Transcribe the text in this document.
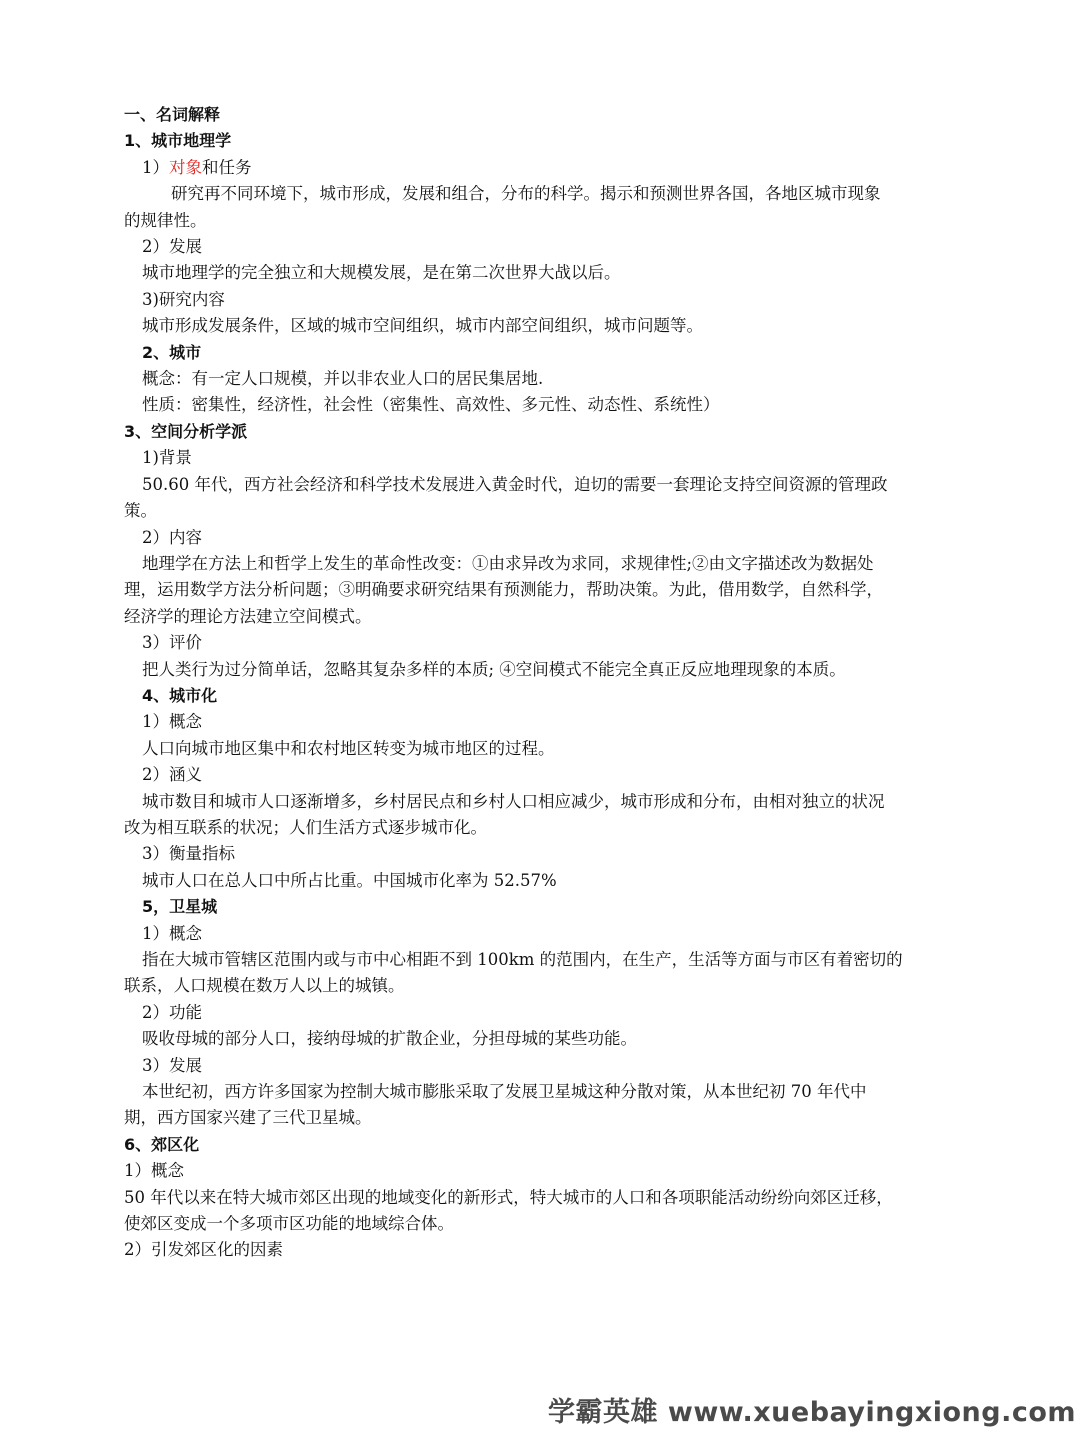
一、名词解释

1、城市地理学

1）对象和任务

研究再不同环境下，城市形成，发展和组合，分布的科学。揭示和预测世界各国，各地区城市现象

的规律性。

2）发展

城市地理学的完全独立和大规模发展，是在第二次世界大战以后。

3)研究内容

城市形成发展条件，区域的城市空间组织，城市内部空间组织，城市问题等。

2、城市

概念：有一定人口规模，并以非农业人口的居民集居地.

性质：密集性，经济性，社会性（密集性、高效性、多元性、动态性、系统性）

3、空间分析学派

1)背景

50.60 年代，西方社会经济和科学技术发展进入黄金时代，迫切的需要一套理论支持空间资源的管理政

策。

2）内容

地理学在方法上和哲学上发生的革命性改变：①由求异改为求同，求规律性;②由文字描述改为数据处

理，运用数学方法分析问题；③明确要求研究结果有预测能力，帮助决策。为此，借用数学，自然科学，

经济学的理论方法建立空间模式。

3）评价

把人类行为过分简单话，忽略其复杂多样的本质; ④空间模式不能完全真正反应地理现象的本质。

4、城市化

1）概念

人口向城市地区集中和农村地区转变为城市地区的过程。

2）涵义

城市数目和城市人口逐渐增多，乡村居民点和乡村人口相应减少，城市形成和分布，由相对独立的状况

改为相互联系的状况；人们生活方式逐步城市化。

3）衡量指标

城市人口在总人口中所占比重。中国城市化率为 52.57%

5，卫星城

1）概念

指在大城市管辖区范围内或与市中心相距不到 100km 的范围内，在生产，生活等方面与市区有着密切的

联系，人口规模在数万人以上的城镇。

2）功能

吸收母城的部分人口，接纳母城的扩散企业，分担母城的某些功能。

3）发展

本世纪初，西方许多国家为控制大城市膨胀采取了发展卫星城这种分散对策，从本世纪初 70 年代中

期，西方国家兴建了三代卫星城。

6、郊区化

1）概念

50 年代以来在特大城市郊区出现的地域变化的新形式，特大城市的人口和各项职能活动纷纷向郊区迁移，

使郊区变成一个多项市区功能的地域综合体。

2）引发郊区化的因素

学霸英雄 www.xuebayingxiong.com
